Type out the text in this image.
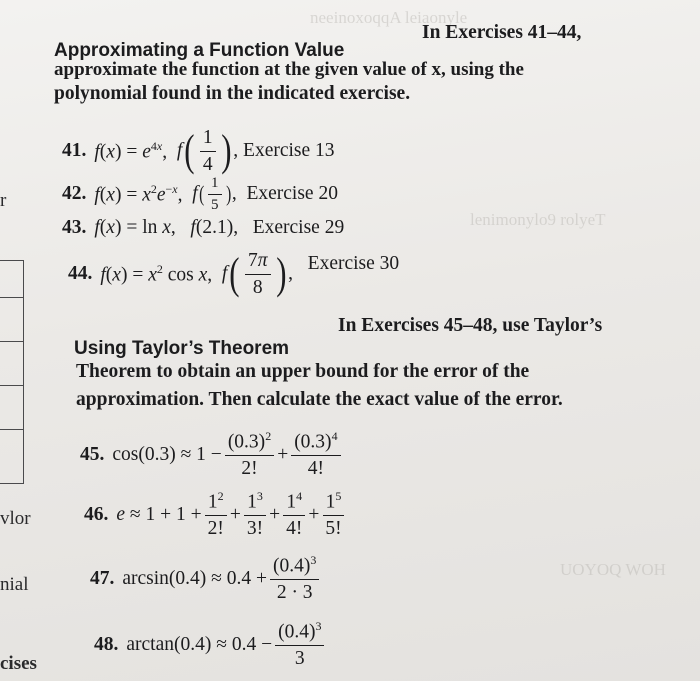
neeinoxoqqA leiaonyle
lenimonylo9 rolyeT
UOYOQ WOH
r
vlor
nial
cises
Approximating a Function Value
In Exercises 41–44,
approximate the function at the given value of x, using the
polynomial found in the indicated exercise.
41. $f(x) = e^{4x}$, f ( $\frac{1}{4}$ ) , Exercise 13
42. $f(x) = x^2e^{-x}$, f ( $\frac{1}{5}$ ) , Exercise 20
43. f(x) = ln x,   f(2.1), Exercise 29
44. $f(x) = x^2$ cos x, f ( $\frac{7\pi}{8}$ ) , Exercise 30
Using Taylor’s Theorem
In Exercises 45–48, use Taylor’s
Theorem to obtain an upper bound for the error of the
approximation. Then calculate the exact value of the error.
45. $\cos(0.3) \approx 1 - \frac{(0.3)^2}{2!} + \frac{(0.3)^4}{4!}$
46. $e \approx 1 + 1 + \frac{1^2}{2!} + \frac{1^3}{3!} + \frac{1^4}{4!} + \frac{1^5}{5!}$
47. $\arcsin(0.4) \approx 0.4 + \frac{(0.4)^3}{2 \cdot 3}$
48. $\arctan(0.4) \approx 0.4 - \frac{(0.4)^3}{3}$
